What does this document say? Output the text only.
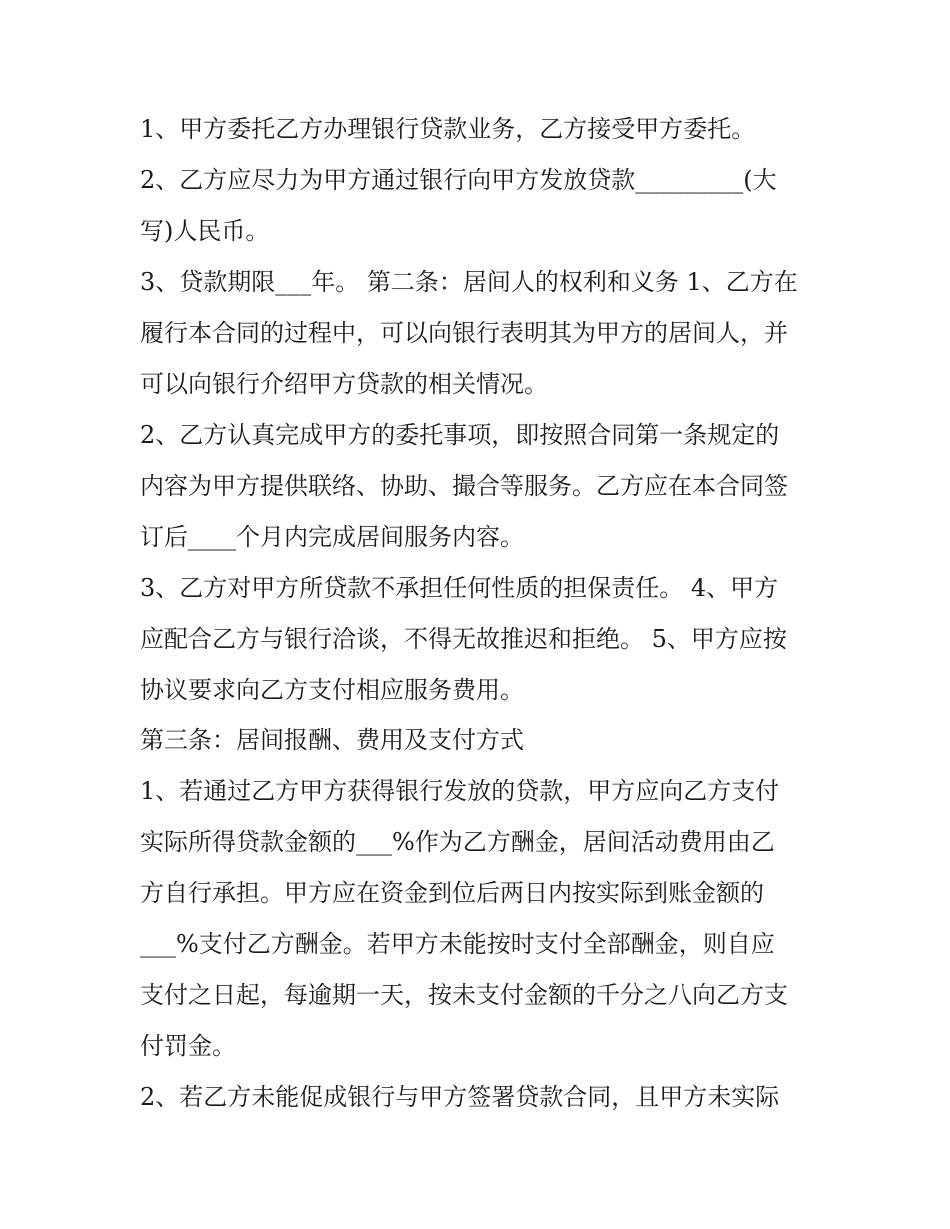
1、甲方委托乙方办理银行贷款业务，乙方接受甲方委托。

2、乙方应尽力为甲方通过银行向甲方发放贷款_________(大

写)人民币。

3、贷款期限___年。 第二条：居间人的权利和义务 1、乙方在

履行本合同的过程中，可以向银行表明其为甲方的居间人，并

可以向银行介绍甲方贷款的相关情况。

2、乙方认真完成甲方的委托事项，即按照合同第一条规定的

内容为甲方提供联络、协助、撮合等服务。乙方应在本合同签

订后____个月内完成居间服务内容。

3、乙方对甲方所贷款不承担任何性质的担保责任。 4、甲方

应配合乙方与银行洽谈，不得无故推迟和拒绝。 5、甲方应按

协议要求向乙方支付相应服务费用。

第三条：居间报酬、费用及支付方式

1、若通过乙方甲方获得银行发放的贷款，甲方应向乙方支付

实际所得贷款金额的___%作为乙方酬金，居间活动费用由乙

方自行承担。甲方应在资金到位后两日内按实际到账金额的

___%支付乙方酬金。若甲方未能按时支付全部酬金，则自应

支付之日起，每逾期一天，按未支付金额的千分之八向乙方支

付罚金。

2、若乙方未能促成银行与甲方签署贷款合同，且甲方未实际
